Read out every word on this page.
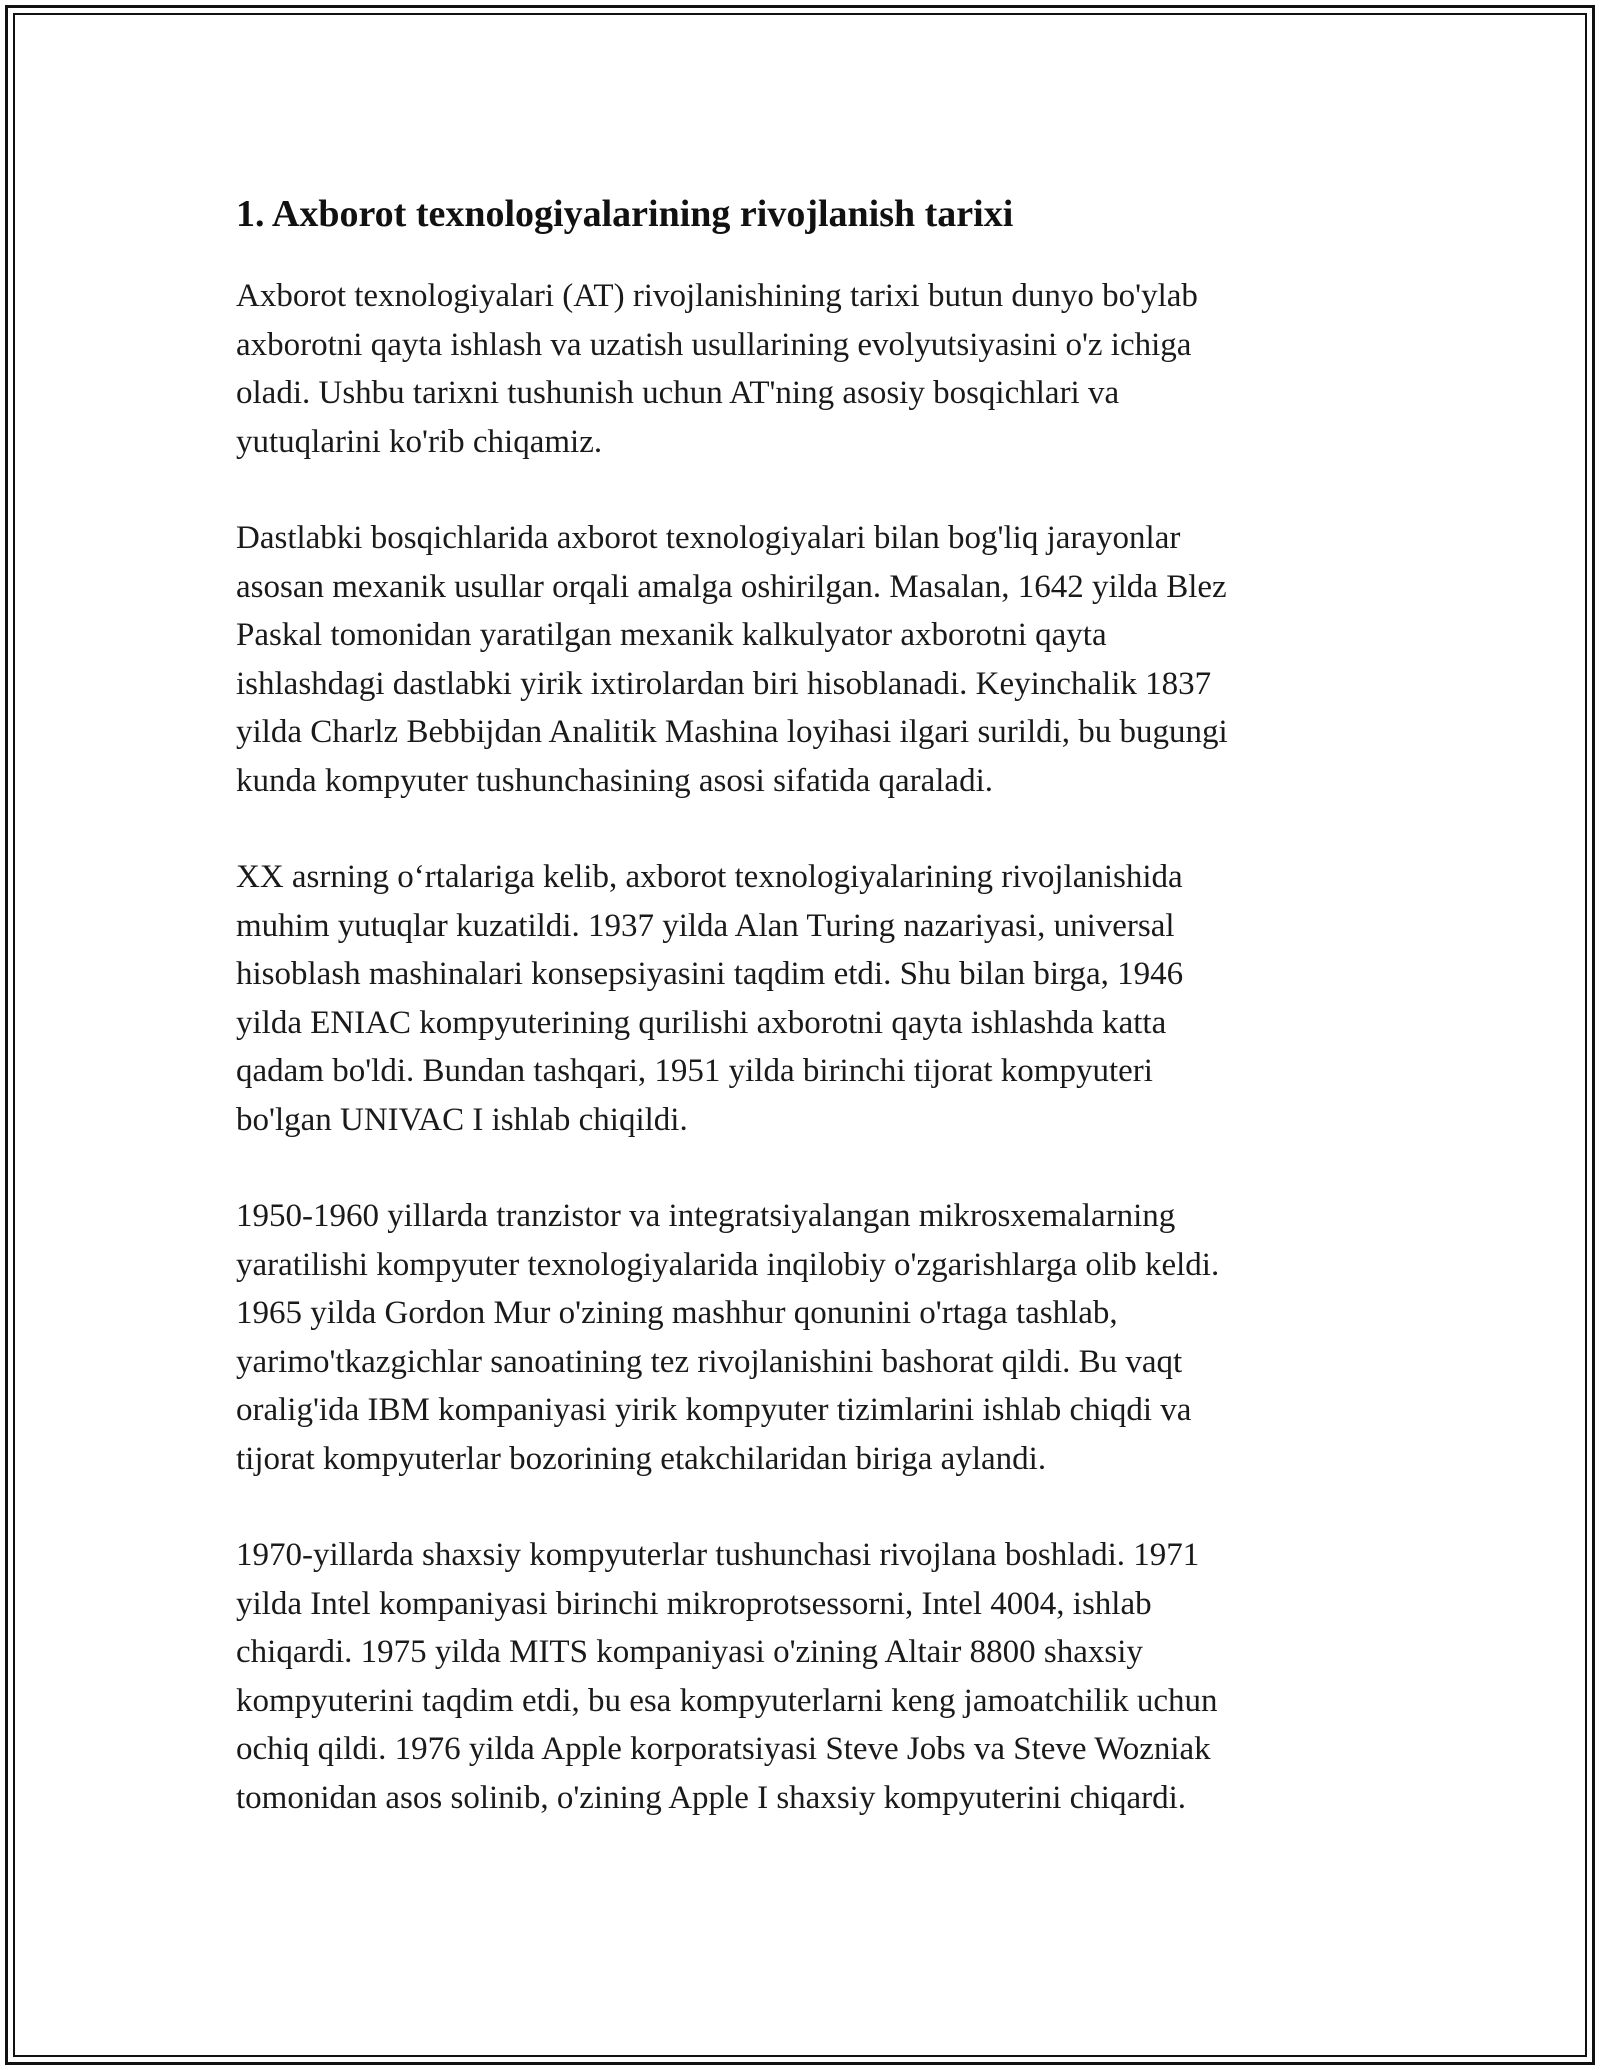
1. Axborot texnologiyalarining rivojlanish tarixi

Axborot texnologiyalari (AT) rivojlanishining tarixi butun dunyo bo'ylab
axborotni qayta ishlash va uzatish usullarining evolyutsiyasini o'z ichiga
oladi. Ushbu tarixni tushunish uchun AT'ning asosiy bosqichlari va
yutuqlarini ko'rib chiqamiz.

Dastlabki bosqichlarida axborot texnologiyalari bilan bog'liq jarayonlar
asosan mexanik usullar orqali amalga oshirilgan. Masalan, 1642 yilda Blez
Paskal tomonidan yaratilgan mexanik kalkulyator axborotni qayta
ishlashdagi dastlabki yirik ixtirolardan biri hisoblanadi. Keyinchalik 1837
yilda Charlz Bebbijdan Analitik Mashina loyihasi ilgari surildi, bu bugungi
kunda kompyuter tushunchasining asosi sifatida qaraladi.

XX asrning o‘rtalariga kelib, axborot texnologiyalarining rivojlanishida
muhim yutuqlar kuzatildi. 1937 yilda Alan Turing nazariyasi, universal
hisoblash mashinalari konsepsiyasini taqdim etdi. Shu bilan birga, 1946
yilda ENIAC kompyuterining qurilishi axborotni qayta ishlashda katta
qadam bo'ldi. Bundan tashqari, 1951 yilda birinchi tijorat kompyuteri
bo'lgan UNIVAC I ishlab chiqildi.

1950-1960 yillarda tranzistor va integratsiyalangan mikrosxemalarning
yaratilishi kompyuter texnologiyalarida inqilobiy o'zgarishlarga olib keldi.
1965 yilda Gordon Mur o'zining mashhur qonunini o'rtaga tashlab,
yarimo'tkazgichlar sanoatining tez rivojlanishini bashorat qildi. Bu vaqt
oralig'ida IBM kompaniyasi yirik kompyuter tizimlarini ishlab chiqdi va
tijorat kompyuterlar bozorining etakchilaridan biriga aylandi.

1970-yillarda shaxsiy kompyuterlar tushunchasi rivojlana boshladi. 1971
yilda Intel kompaniyasi birinchi mikroprotsessorni, Intel 4004, ishlab
chiqardi. 1975 yilda MITS kompaniyasi o'zining Altair 8800 shaxsiy
kompyuterini taqdim etdi, bu esa kompyuterlarni keng jamoatchilik uchun
ochiq qildi. 1976 yilda Apple korporatsiyasi Steve Jobs va Steve Wozniak
tomonidan asos solinib, o'zining Apple I shaxsiy kompyuterini chiqardi.
